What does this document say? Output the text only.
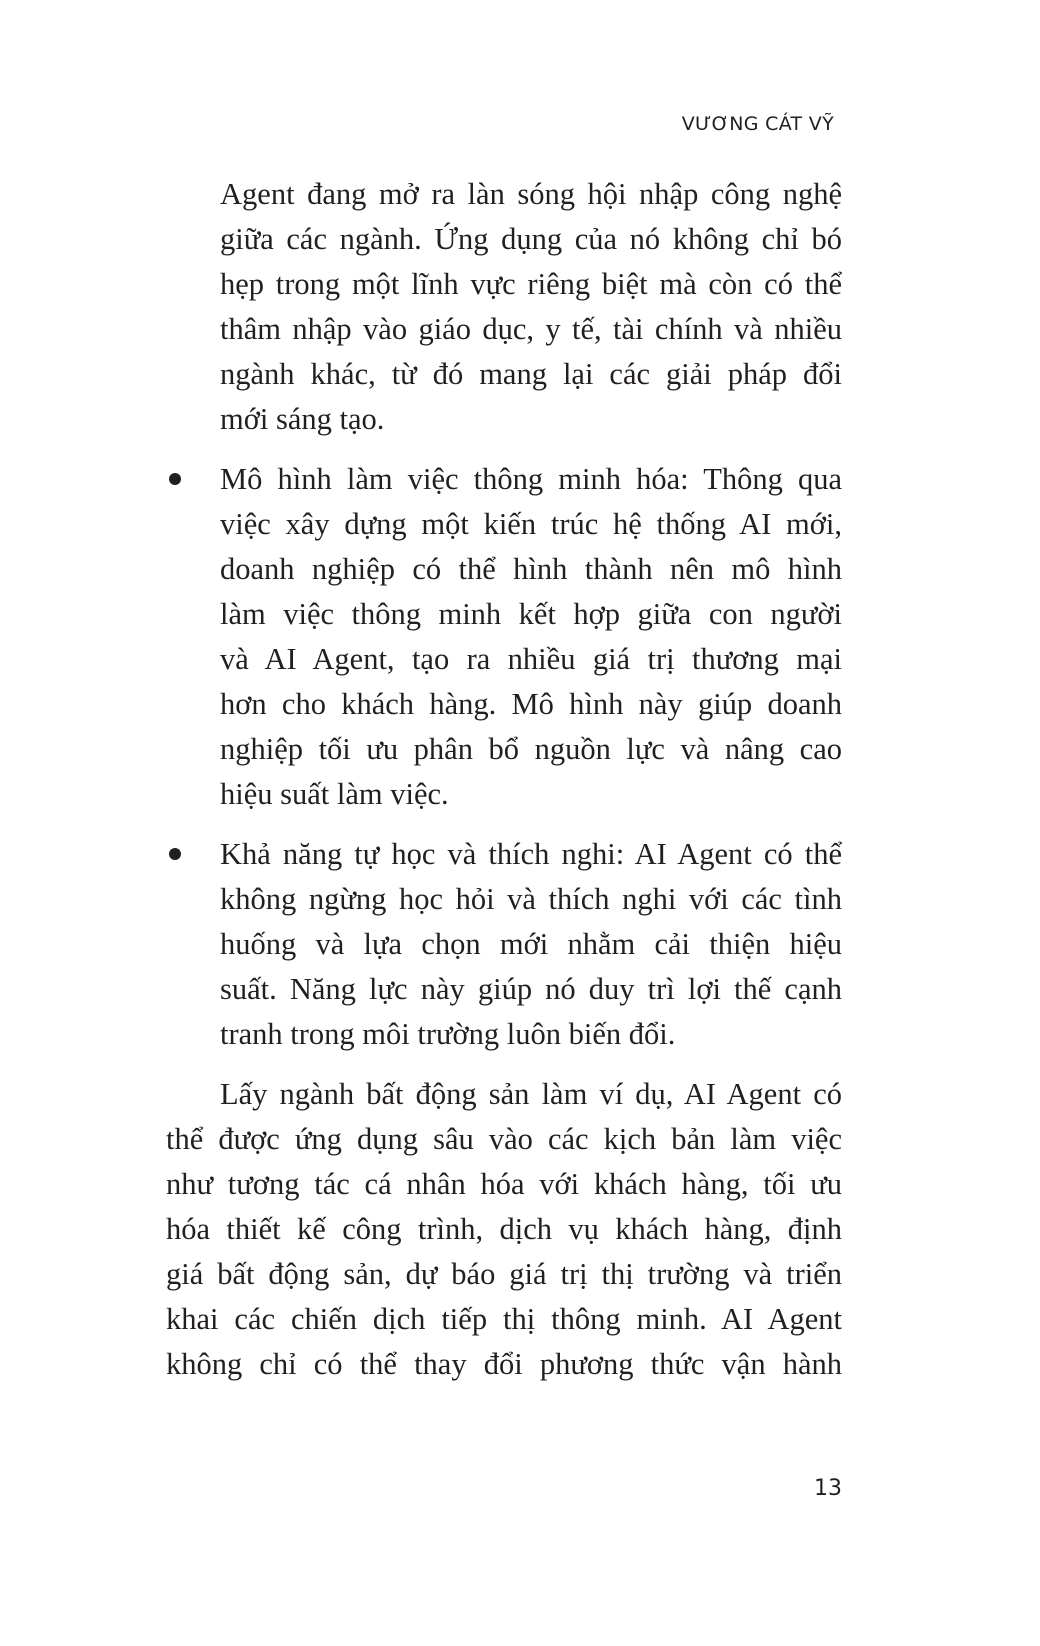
VƯƠNG CÁT VỸ
Agent đang mở ra làn sóng hội nhập công nghệ
giữa các ngành. Ứng dụng của nó không chỉ bó
hẹp trong một lĩnh vực riêng biệt mà còn có thể
thâm nhập vào giáo dục, y tế, tài chính và nhiều
ngành khác, từ đó mang lại các giải pháp đổi
mới sáng tạo.
Mô hình làm việc thông minh hóa: Thông qua
việc xây dựng một kiến trúc hệ thống AI mới,
doanh nghiệp có thể hình thành nên mô hình
làm việc thông minh kết hợp giữa con người
và AI Agent, tạo ra nhiều giá trị thương mại
hơn cho khách hàng. Mô hình này giúp doanh
nghiệp tối ưu phân bổ nguồn lực và nâng cao
hiệu suất làm việc.
Khả năng tự học và thích nghi: AI Agent có thể
không ngừng học hỏi và thích nghi với các tình
huống và lựa chọn mới nhằm cải thiện hiệu
suất. Năng lực này giúp nó duy trì lợi thế cạnh
tranh trong môi trường luôn biến đổi.
Lấy ngành bất động sản làm ví dụ, AI Agent có
thể được ứng dụng sâu vào các kịch bản làm việc
như tương tác cá nhân hóa với khách hàng, tối ưu
hóa thiết kế công trình, dịch vụ khách hàng, định
giá bất động sản, dự báo giá trị thị trường và triển
khai các chiến dịch tiếp thị thông minh. AI Agent
không chỉ có thể thay đổi phương thức vận hành
13
